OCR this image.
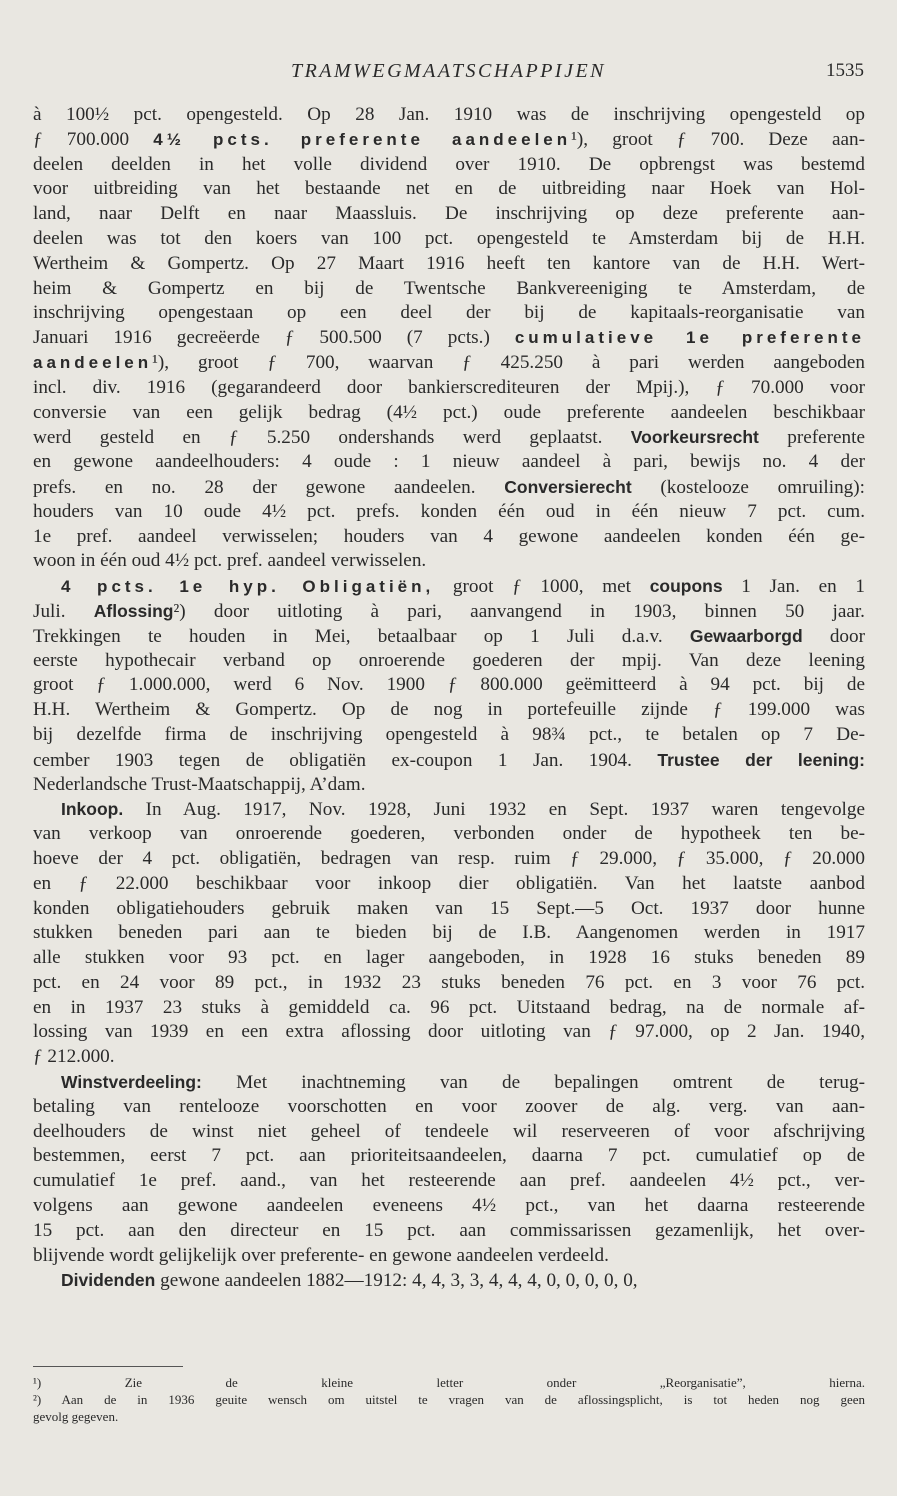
TRAMWEGMAATSCHAPPIJEN	1535
à 100½ pct. opengesteld. Op 28 Jan. 1910 was de inschrijving opengesteld op
ƒ 700.000 4½ pcts. preferente aandeelen¹), groot ƒ 700. Deze aan-
deelen deelden in het volle dividend over 1910. De opbrengst was bestemd
voor uitbreiding van het bestaande net en de uitbreiding naar Hoek van Hol-
land, naar Delft en naar Maassluis. De inschrijving op deze preferente aan-
deelen was tot den koers van 100 pct. opengesteld te Amsterdam bij de H.H.
Wertheim & Gompertz. Op 27 Maart 1916 heeft ten kantore van de H.H. Wert-
heim & Gompertz en bij de Twentsche Bankvereeniging te Amsterdam, de
inschrijving opengestaan op een deel der bij de kapitaals-reorganisatie van
Januari 1916 gecreëerde ƒ 500.500 (7 pcts.) cumulatieve 1e preferente
aandeelen¹), groot ƒ 700, waarvan ƒ 425.250 à pari werden aangeboden
incl. div. 1916 (gegarandeerd door bankierscrediteuren der Mpij.), ƒ 70.000 voor
conversie van een gelijk bedrag (4½ pct.) oude preferente aandeelen beschikbaar
werd gesteld en ƒ 5.250 ondershands werd geplaatst. Voorkeursrecht preferente
en gewone aandeelhouders: 4 oude : 1 nieuw aandeel à pari, bewijs no. 4 der
prefs. en no. 28 der gewone aandeelen. Conversierecht (kostelooze omruiling):
houders van 10 oude 4½ pct. prefs. konden één oud in één nieuw 7 pct. cum.
1e pref. aandeel verwisselen; houders van 4 gewone aandeelen konden één ge-
woon in één oud 4½ pct. pref. aandeel verwisselen.
4 pcts. 1e hyp. Obligatiën, groot ƒ 1000, met coupons 1 Jan. en 1
Juli. Aflossing²) door uitloting à pari, aanvangend in 1903, binnen 50 jaar.
Trekkingen te houden in Mei, betaalbaar op 1 Juli d.a.v. Gewaarborgd door
eerste hypothecair verband op onroerende goederen der mpij. Van deze leening
groot ƒ 1.000.000, werd 6 Nov. 1900 ƒ 800.000 geëmitteerd à 94 pct. bij de
H.H. Wertheim & Gompertz. Op de nog in portefeuille zijnde ƒ 199.000 was
bij dezelfde firma de inschrijving opengesteld à 98¾ pct., te betalen op 7 De-
cember 1903 tegen de obligatiën ex-coupon 1 Jan. 1904. Trustee der leening:
Nederlandsche Trust-Maatschappij, A’dam.
Inkoop. In Aug. 1917, Nov. 1928, Juni 1932 en Sept. 1937 waren tengevolge
van verkoop van onroerende goederen, verbonden onder de hypotheek ten be-
hoeve der 4 pct. obligatiën, bedragen van resp. ruim ƒ 29.000, ƒ 35.000, ƒ 20.000
en ƒ 22.000 beschikbaar voor inkoop dier obligatiën. Van het laatste aanbod
konden obligatiehouders gebruik maken van 15 Sept.—5 Oct. 1937 door hunne
stukken beneden pari aan te bieden bij de I.B. Aangenomen werden in 1917
alle stukken voor 93 pct. en lager aangeboden, in 1928 16 stuks beneden 89
pct. en 24 voor 89 pct., in 1932 23 stuks beneden 76 pct. en 3 voor 76 pct.
en in 1937 23 stuks à gemiddeld ca. 96 pct. Uitstaand bedrag, na de normale af-
lossing van 1939 en een extra aflossing door uitloting van ƒ 97.000, op 2 Jan. 1940,
ƒ 212.000.
Winstverdeeling: Met inachtneming van de bepalingen omtrent de terug-
betaling van rentelooze voorschotten en voor zoover de alg. verg. van aan-
deelhouders de winst niet geheel of tendeele wil reserveeren of voor afschrijving
bestemmen, eerst 7 pct. aan prioriteitsaandeelen, daarna 7 pct. cumulatief op de
cumulatief 1e pref. aand., van het resteerende aan pref. aandeelen 4½ pct., ver-
volgens aan gewone aandeelen eveneens 4½ pct., van het daarna resteerende
15 pct. aan den directeur en 15 pct. aan commissarissen gezamenlijk, het over-
blijvende wordt gelijkelijk over preferente- en gewone aandeelen verdeeld.
Dividenden gewone aandeelen 1882—1912: 4, 4, 3, 3, 4, 4, 4, 0, 0, 0, 0, 0,
¹) Zie de kleine letter onder „Reorganisatie”, hierna.
²) Aan de in 1936 geuite wensch om uitstel te vragen van de aflossingsplicht, is tot heden nog geen
gevolg gegeven.
